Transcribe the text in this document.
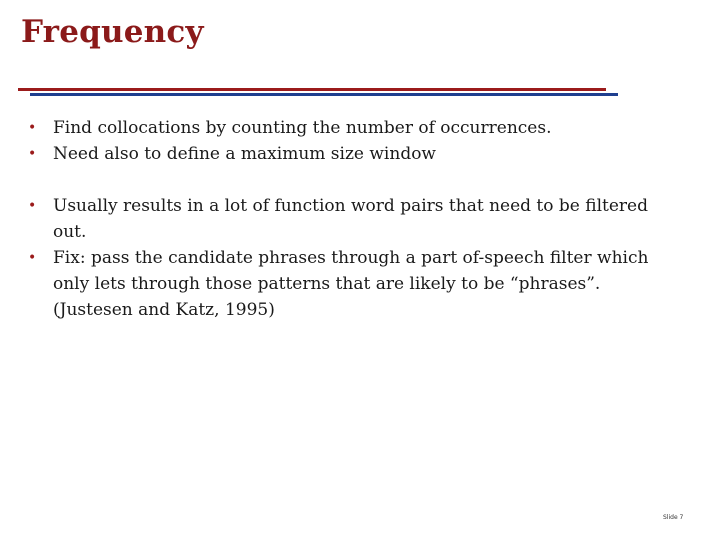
Frequency
• Find collocations by counting the number of occurrences.
• Need also to define a maximum size window
• Usually results in a lot of function word pairs that need to be filtered out.
• Fix: pass the candidate phrases through a part of-speech filter which only lets through those patterns that are likely to be “phrases”. (Justesen and Katz, 1995)
Slide 7
